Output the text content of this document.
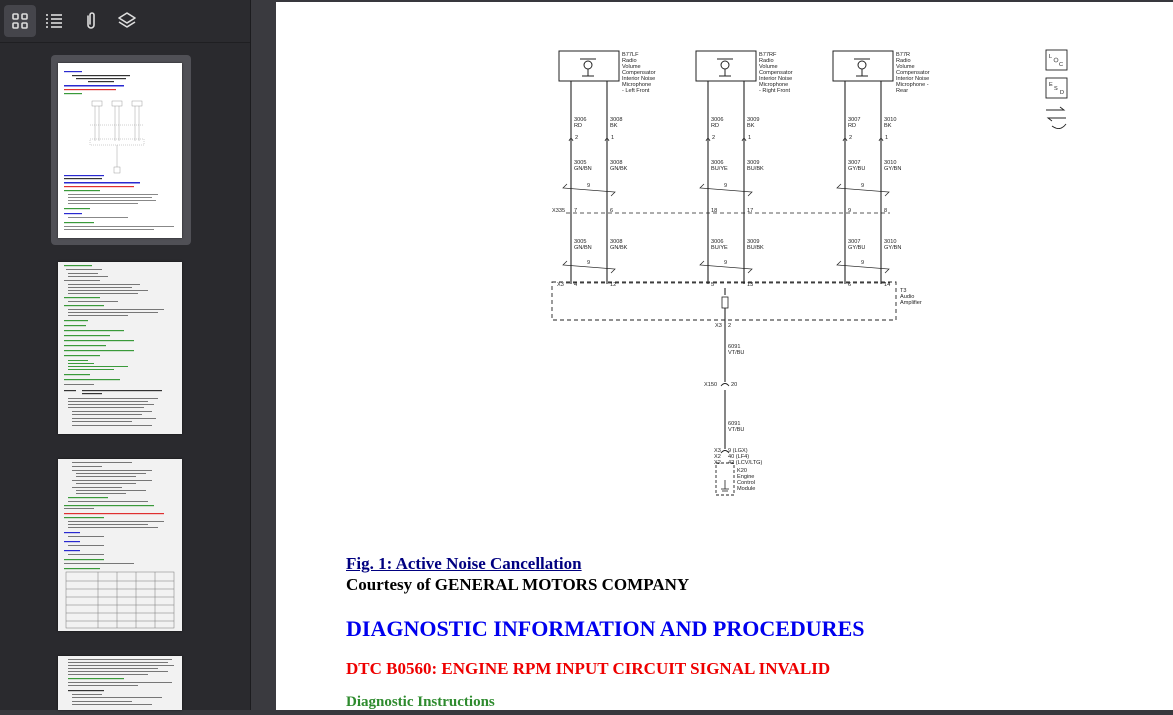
B77LF
Radio
Volume
Compensator
Interior Noise
Microphone
- Left Front
3006
RD
2
3005
GN/BN
7
3005
GN/BN
4
3008
BK
1
3008
GN/BK
6
3008
GN/BK
12
9
9
B77RF
Radio
Volume
Compensator
Interior Noise
Microphone
- Right Front
3006
RD
2
3006
BU/YE
18
3006
BU/YE
5
3009
BK
1
3009
BU/BK
17
3009
BU/BK
13
9
9
B77R
Radio
Volume
Compensator
Interior Noise
Microphone -
Rear
3007
RD
2
3007
GY/BU
9
3007
GY/BU
6
3010
BK
1
3010
GY/BN
8
3010
GY/BN
14
9
9
X335
X3
T3
Audio
Amplifier
X3 2
6091
VT/BU
X150 20
6091
VT/BU
X3
X2
X2
9 (LGX)
40 (LF4)
42 (LCV/LTG)
K20
Engine
Control
Module
L
C
E
S
D
Fig. 1: Active Noise Cancellation
Courtesy of GENERAL MOTORS COMPANY
DIAGNOSTIC INFORMATION AND PROCEDURES
DTC B0560: ENGINE RPM INPUT CIRCUIT SIGNAL INVALID
Diagnostic Instructions
